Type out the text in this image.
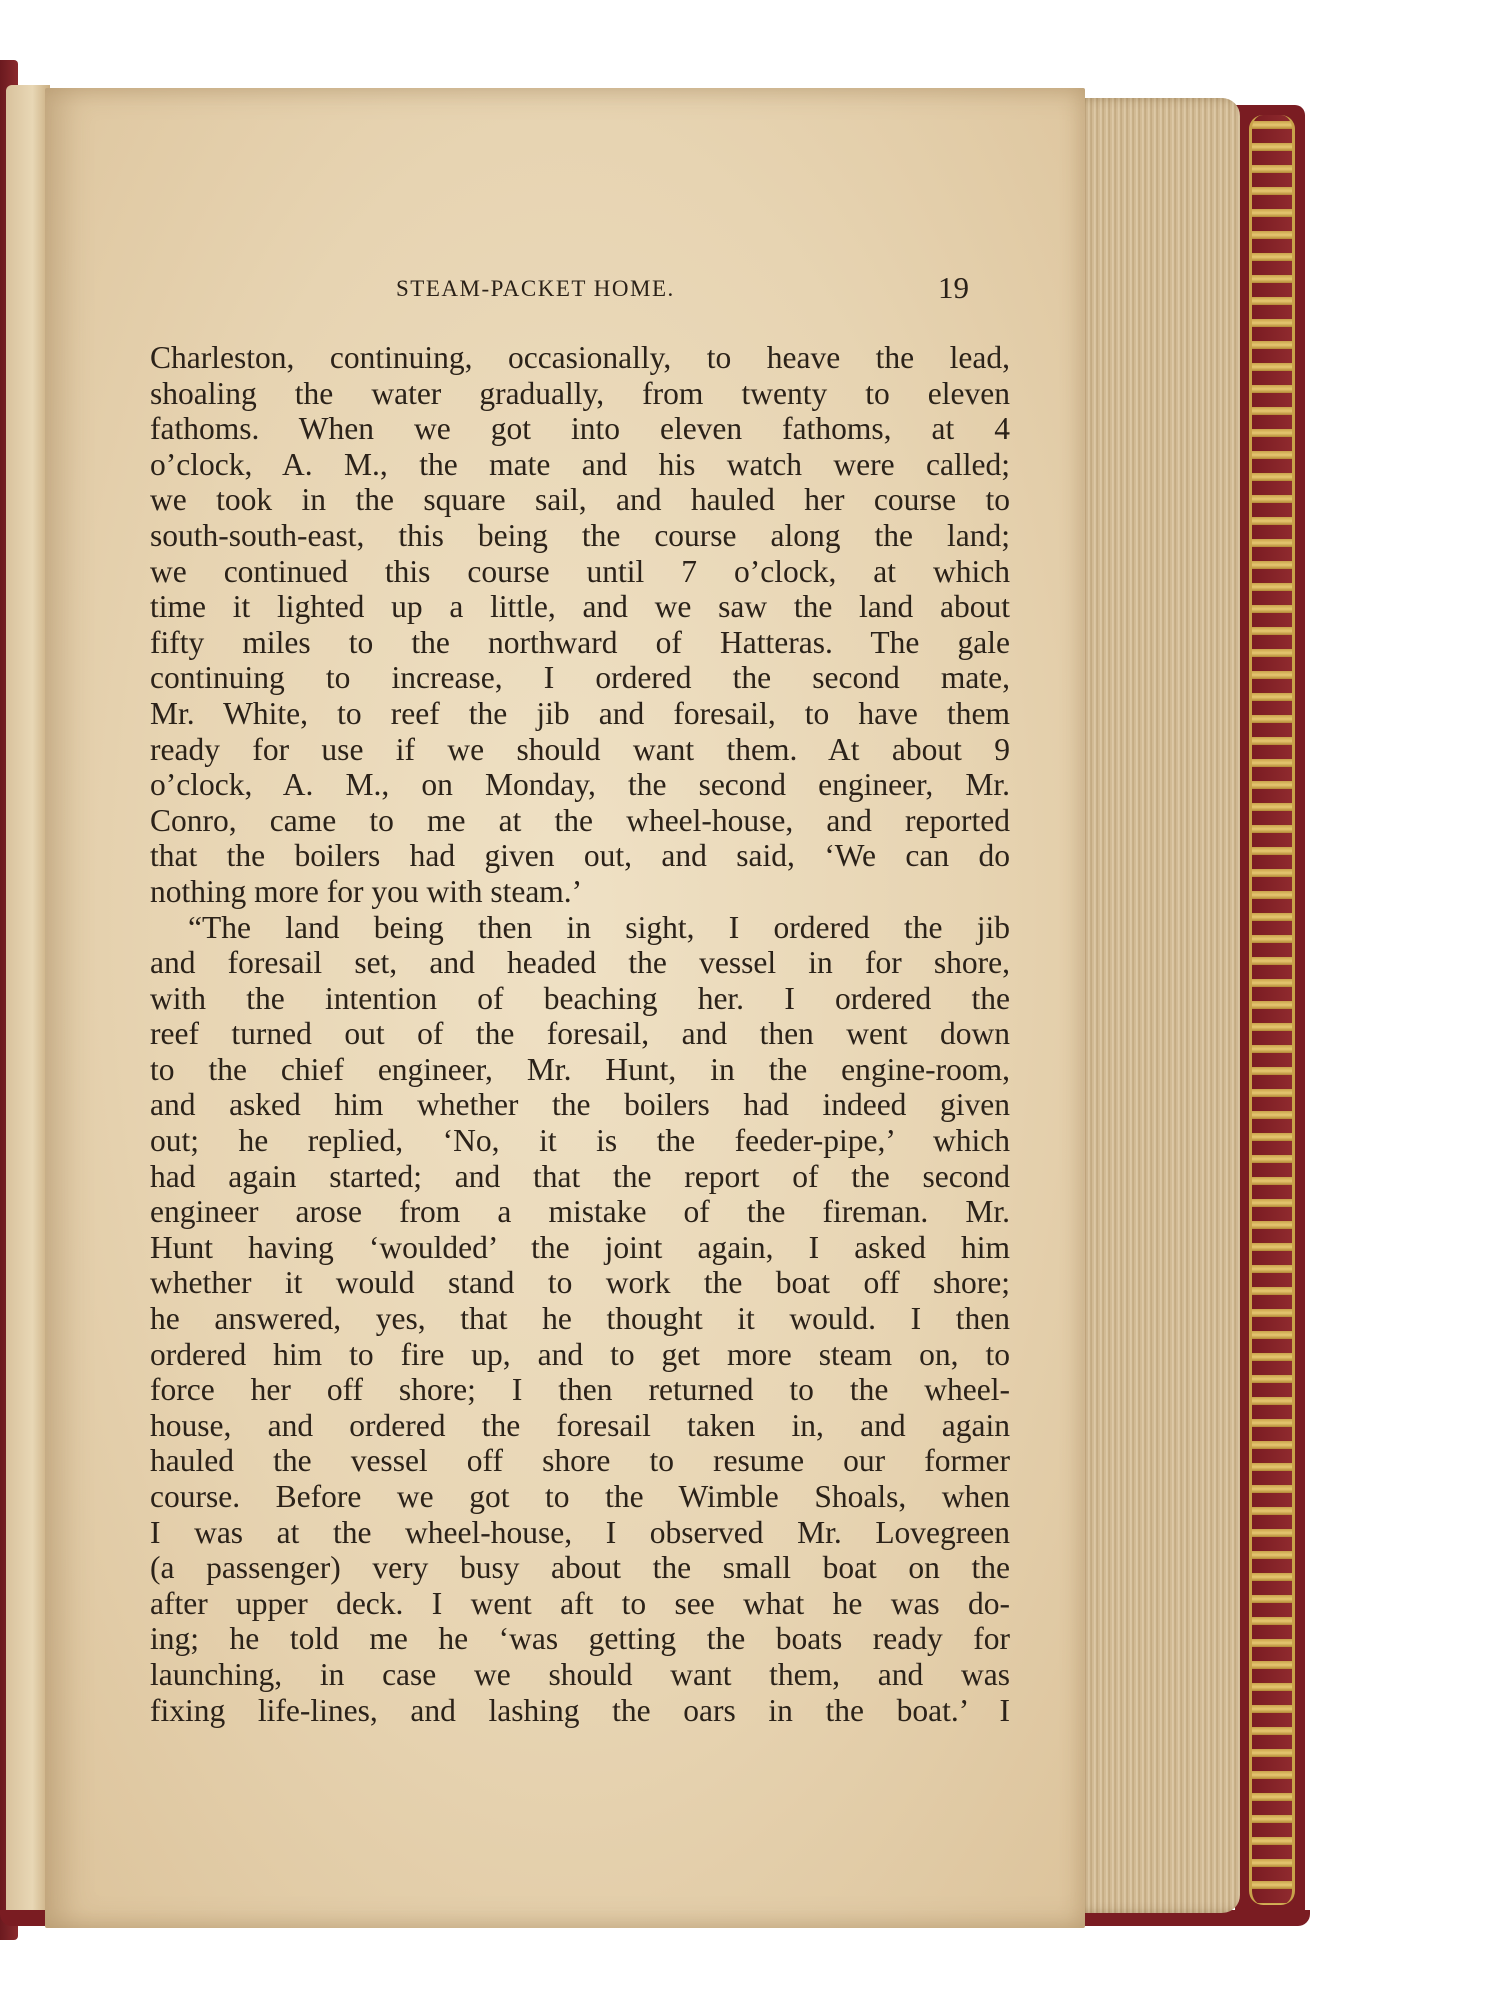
STEAM-PACKET HOME.	19
Charleston, continuing, occasionally, to heave the lead,
shoaling the water gradually, from twenty to eleven
fathoms. When we got into eleven fathoms, at 4
o’clock, A. M., the mate and his watch were called;
we took in the square sail, and hauled her course to
south-south-east, this being the course along the land;
we continued this course until 7 o’clock, at which
time it lighted up a little, and we saw the land about
fifty miles to the northward of Hatteras. The gale
continuing to increase, I ordered the second mate,
Mr. White, to reef the jib and foresail, to have them
ready for use if we should want them. At about 9
o’clock, A. M., on Monday, the second engineer, Mr.
Conro, came to me at the wheel-house, and reported
that the boilers had given out, and said, ‘We can do
nothing more for you with steam.’
“The land being then in sight, I ordered the jib
and foresail set, and headed the vessel in for shore,
with the intention of beaching her. I ordered the
reef turned out of the foresail, and then went down
to the chief engineer, Mr. Hunt, in the engine-room,
and asked him whether the boilers had indeed given
out; he replied, ‘No, it is the feeder-pipe,’ which
had again started; and that the report of the second
engineer arose from a mistake of the fireman. Mr.
Hunt having ‘woulded’ the joint again, I asked him
whether it would stand to work the boat off shore;
he answered, yes, that he thought it would. I then
ordered him to fire up, and to get more steam on, to
force her off shore; I then returned to the wheel-
house, and ordered the foresail taken in, and again
hauled the vessel off shore to resume our former
course. Before we got to the Wimble Shoals, when
I was at the wheel-house, I observed Mr. Lovegreen
(a passenger) very busy about the small boat on the
after upper deck. I went aft to see what he was do-
ing; he told me he ‘was getting the boats ready for
launching, in case we should want them, and was
fixing life-lines, and lashing the oars in the boat.’ I
